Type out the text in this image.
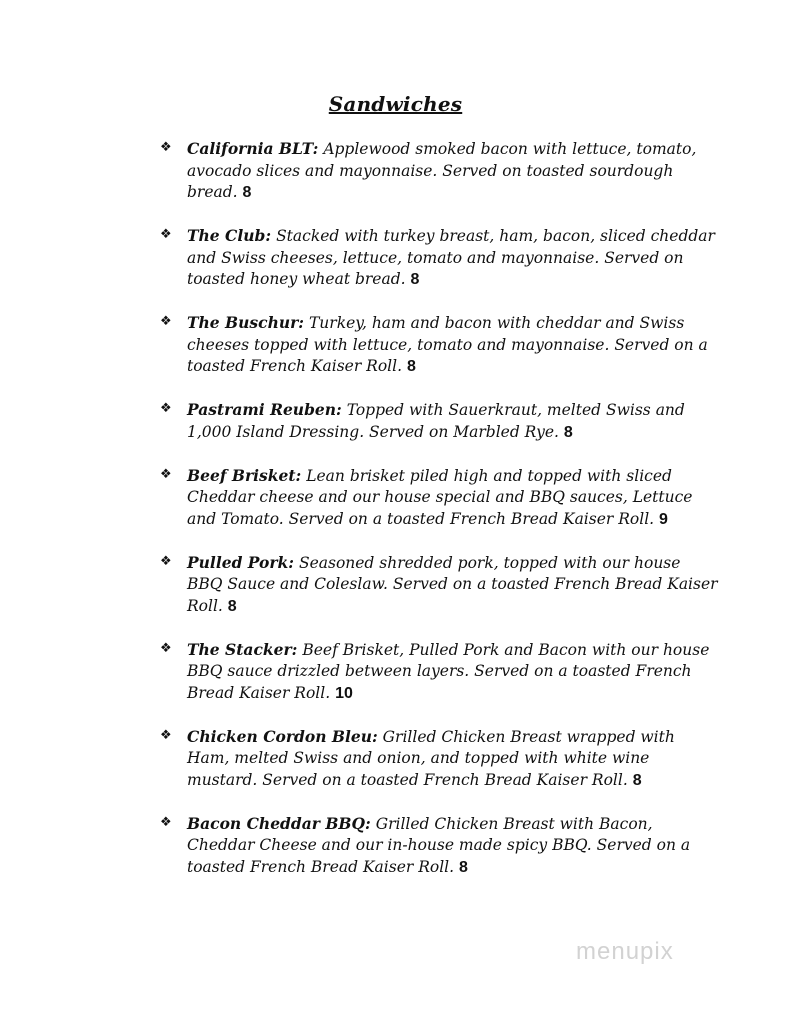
Sandwiches
❖ California BLT: Applewood smoked bacon with lettuce, tomato, avocado slices and mayonnaise. Served on toasted sourdough bread. 8
❖ The Club: Stacked with turkey breast, ham, bacon, sliced cheddar and Swiss cheeses, lettuce, tomato and mayonnaise. Served on toasted honey wheat bread. 8
❖ The Buschur: Turkey, ham and bacon with cheddar and Swiss cheeses topped with lettuce, tomato and mayonnaise. Served on a toasted French Kaiser Roll. 8
❖ Pastrami Reuben: Topped with Sauerkraut, melted Swiss and 1,000 Island Dressing. Served on Marbled Rye. 8
❖ Beef Brisket: Lean brisket piled high and topped with sliced Cheddar cheese and our house special and BBQ sauces, Lettuce and Tomato. Served on a toasted French Bread Kaiser Roll. 9
❖ Pulled Pork: Seasoned shredded pork, topped with our house BBQ Sauce and Coleslaw. Served on a toasted French Bread Kaiser Roll. 8
❖ The Stacker: Beef Brisket, Pulled Pork and Bacon with our house BBQ sauce drizzled between layers. Served on a toasted French Bread Kaiser Roll. 10
❖ Chicken Cordon Bleu: Grilled Chicken Breast wrapped with Ham, melted Swiss and onion, and topped with white wine mustard. Served on a toasted French Bread Kaiser Roll. 8
❖ Bacon Cheddar BBQ: Grilled Chicken Breast with Bacon, Cheddar Cheese and our in-house made spicy BBQ. Served on a toasted French Bread Kaiser Roll. 8
menupix
